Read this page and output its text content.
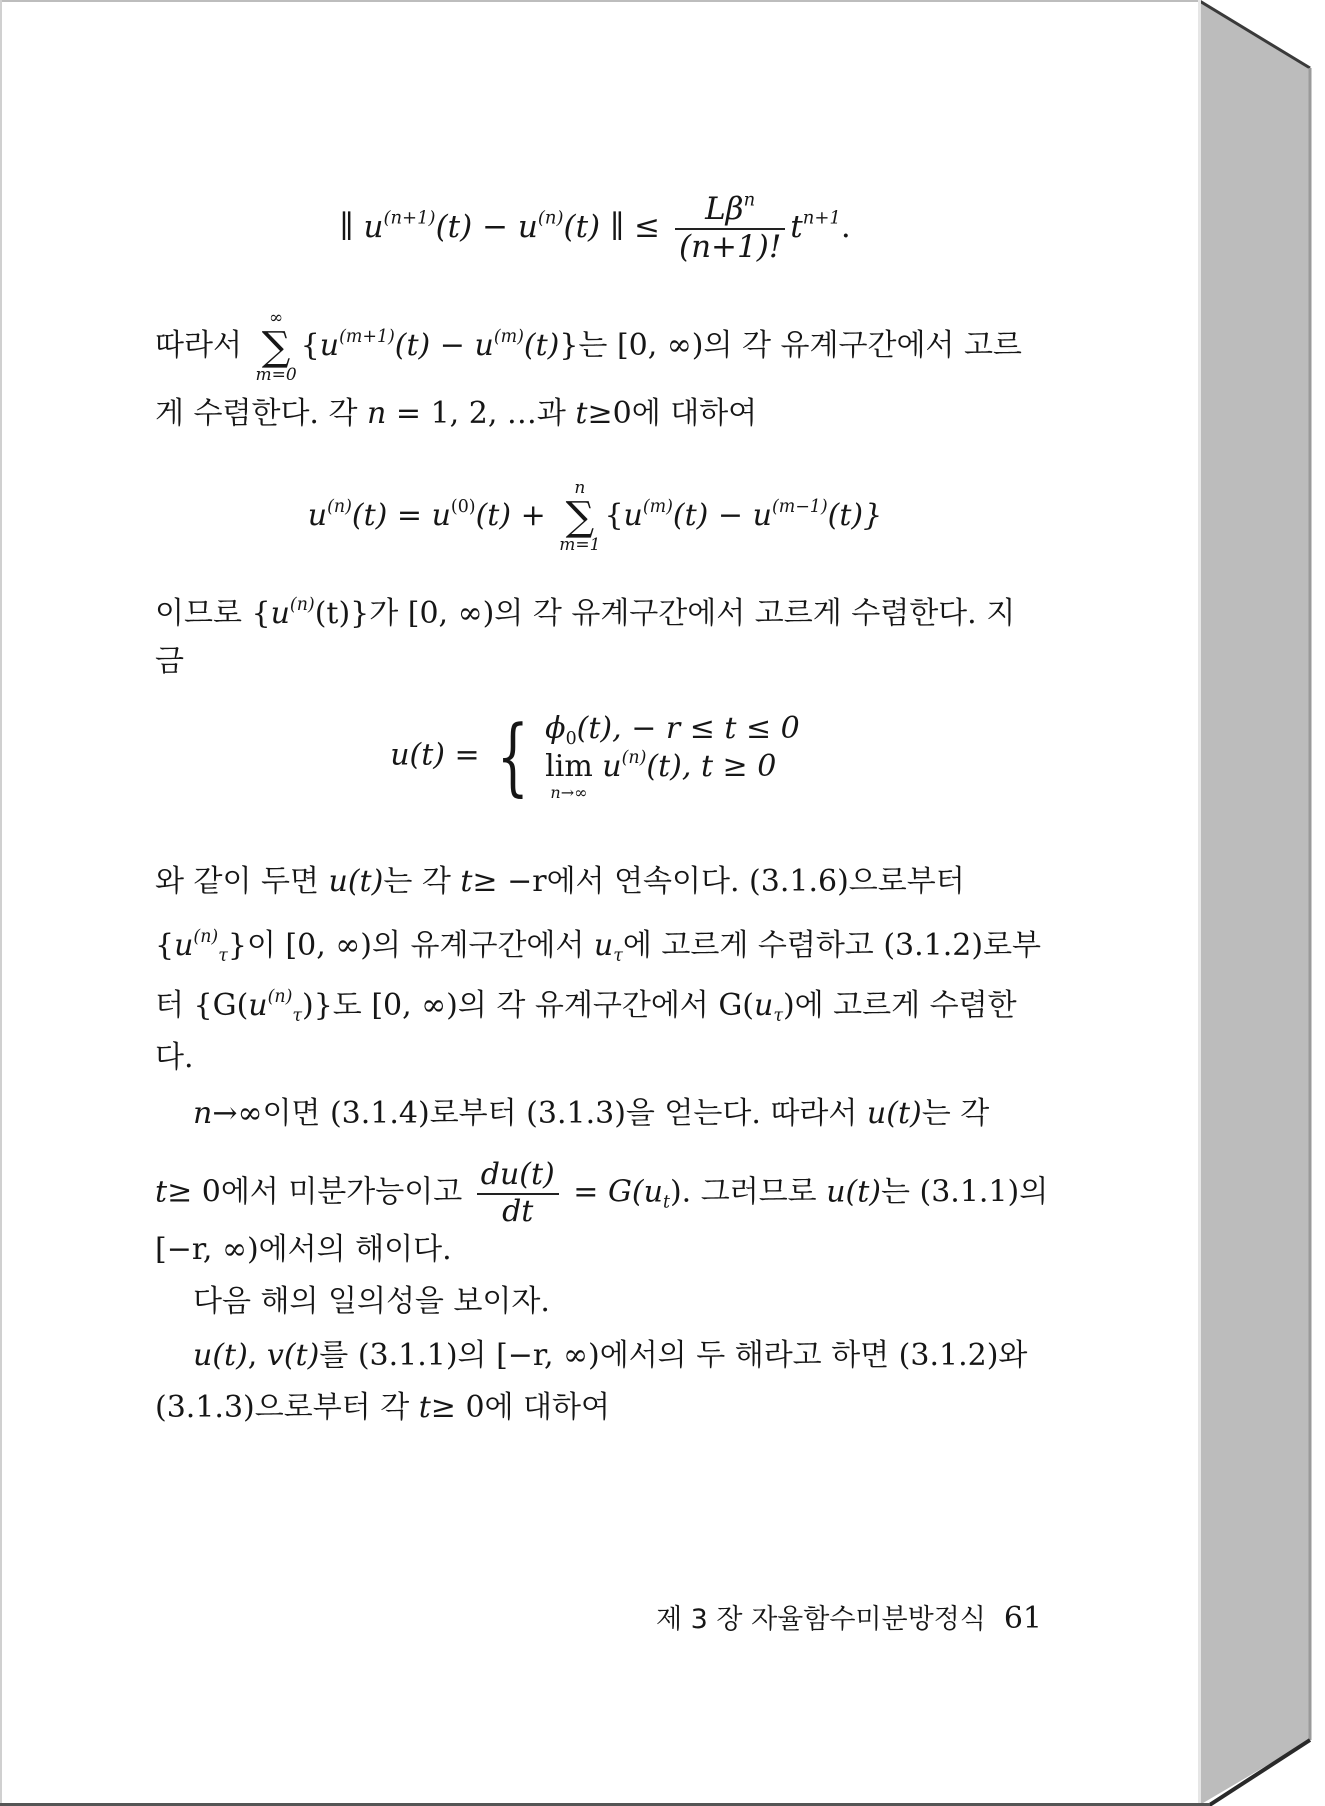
∥ $u^{(n+1)}(t) - u^{(n)}(t)$ ∥ ≤ $\frac{L\beta^n}{(n+1)!} t^{n+1}$.
따라서
∞
∑
m=0
$\{u^{(m+1)}(t) - u^{(m)}(t)\}$는 [0, ∞)의 각 유계구간에서 고르
게 수렴한다. 각 n = 1, 2, …과 t≥0에 대하여
$u^{(n)}(t) = u^{(0)}(t)$ +
n
∑
m=1
$\{u^{(m)}(t) - u^{(m-1)}(t)\}$
이므로 $\{u^{(n)}(t)\}$가 [0, ∞)의 각 유계구간에서 고르게 수렴한다. 지
금
u(t) = { $\phi_0(t)$, − r ≤ t ≤ 0
lim
n→∞
$u^{(n)}(t)$, t ≥ 0
와 같이 두면 u(t)는 각 t≥ −r에서 연속이다. (3.1.6)으로부터
$\{u^{(n)}_\tau\}$이 [0, ∞)의 유계구간에서 $u_\tau$에 고르게 수렴하고 (3.1.2)로부
터 $\{G(u^{(n)}_\tau)\}$도 [0, ∞)의 각 유계구간에서 $G(u_\tau)$에 고르게 수렴한
다.
n→∞이면 (3.1.4)로부터 (3.1.3)을 얻는다. 따라서 u(t)는 각
t≥ 0에서 미분가능이고 $\frac{du(t)}{dt} = G(u_t)$. 그러므로 u(t)는 (3.1.1)의
[−r, ∞)에서의 해이다.
다음 해의 일의성을 보이자.
u(t), v(t)를 (3.1.1)의 [−r, ∞)에서의 두 해라고 하면 (3.1.2)와
(3.1.3)으로부터 각 t≥ 0에 대하여
제 3 장 자율함수미분방정식 61
